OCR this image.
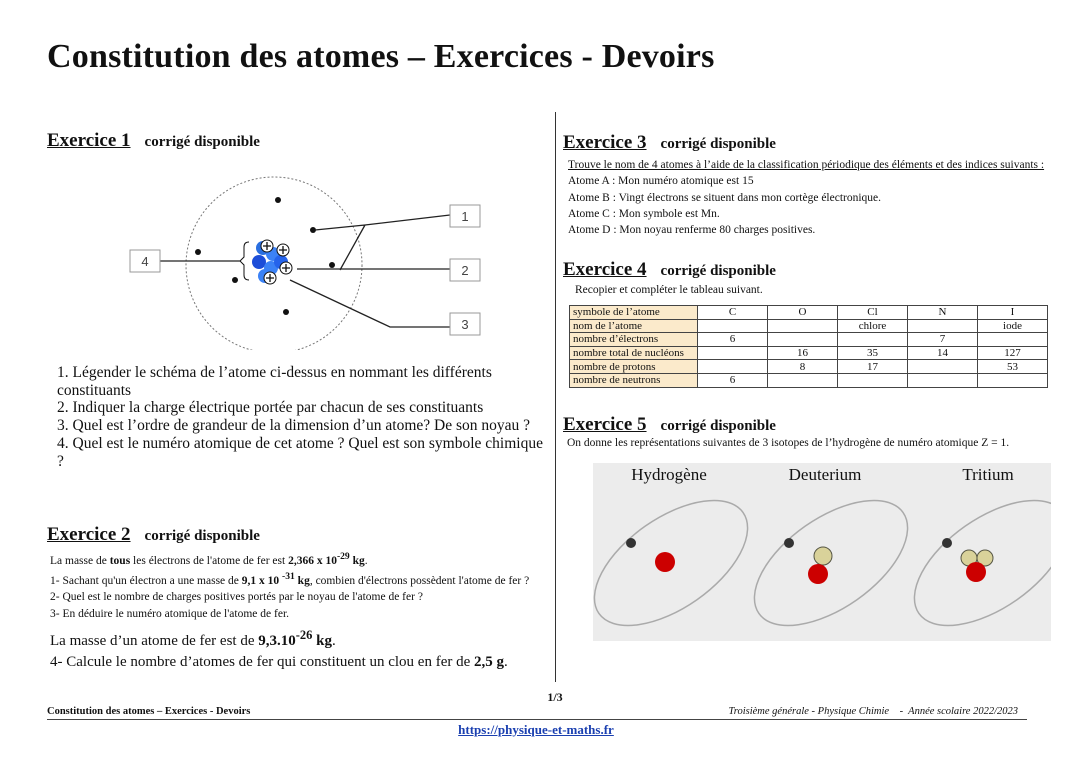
Constitution des atomes – Exercices - Devoirs
Exercice 1 corrigé disponible
1
2
3
4
1. Légender le schéma de l’atome ci-dessus en nommant les différents constituants
2. Indiquer la charge électrique portée par chacun de ses constituants
3. Quel est l’ordre de grandeur de la dimension d’un atome? De son noyau ?
4. Quel est le numéro atomique de cet atome ? Quel est son symbole chimique ?
Exercice 2 corrigé disponible
La masse de tous les électrons de l'atome de fer est 2,366 x $10^{-29}$ kg.
1- Sachant qu'un électron a une masse de 9,1 x 10 $^{-31}$ kg, combien d'électrons possèdent l'atome de fer ?
2- Quel est le nombre de charges positives portés par le noyau de l'atome de fer ?
3- En déduire le numéro atomique de l'atome de fer.
La masse d’un atome de fer est de $9,3.10^{-26}$ kg.
4- Calcule le nombre d’atomes de fer qui constituent un clou en fer de 2,5 g.
Exercice 3 corrigé disponible
Trouve le nom de 4 atomes à l’aide de la classification périodique des éléments et des indices suivants :
Atome A : Mon numéro atomique est 15
Atome B : Vingt électrons se situent dans mon cortège électronique.
Atome C : Mon symbole est Mn.
Atome D : Mon noyau renferme 80 charges positives.
Exercice 4 corrigé disponible
Recopier et compléter le tableau suivant.
symbole de l’atome	C	O	Cl	N	I
nom de l’atome			chlore		iode
nombre d’électrons	6			7	
nombre total de nucléons		16	35	14	127
nombre de protons		8	17		53
nombre de neutrons	6				
Exercice 5 corrigé disponible
On donne les représentations suivantes de 3 isotopes de l’hydrogène de numéro atomique Z = 1.
Hydrogène	Deuterium	Tritium
1/3
Constitution des atomes – Exercices - Devoirs	Troisième générale - Physique Chimie    -  Année scolaire 2022/2023
https://physique-et-maths.fr
